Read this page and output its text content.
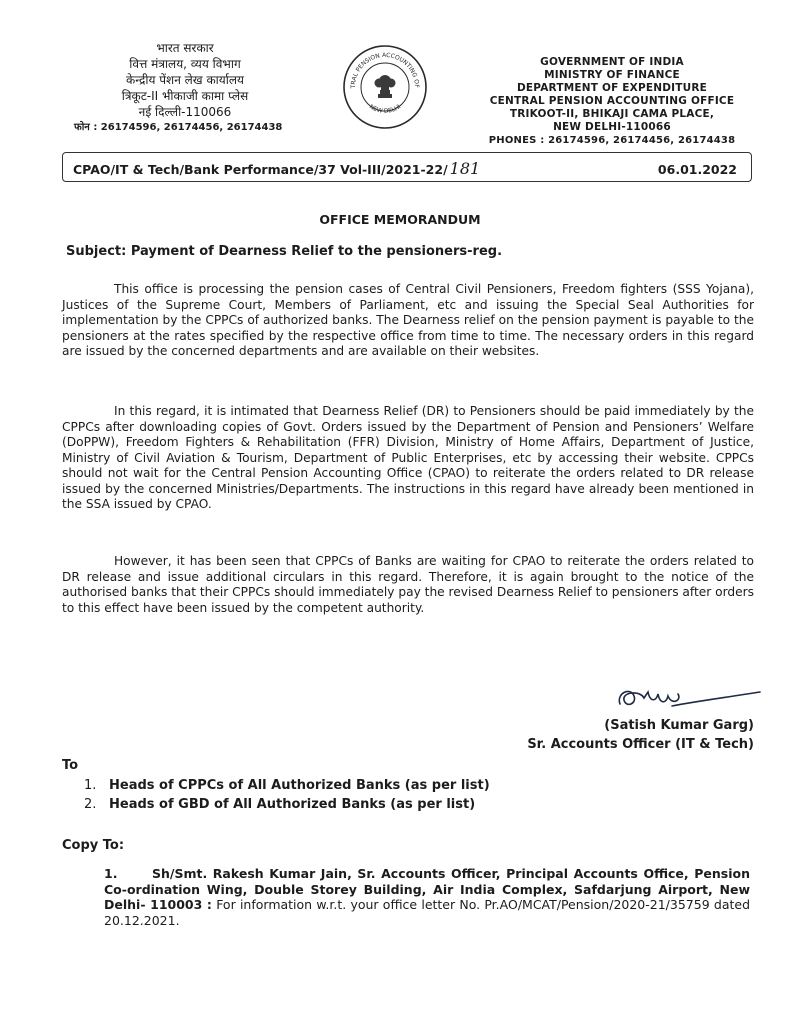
भारत सरकार
वित्त मंत्रालय, व्यय विभाग
केन्द्रीय पेंशन लेख कार्यालय
त्रिकूट-II भीकाजी कामा प्लेस
नई दिल्ली-110066
फोन : 26174596, 26174456, 26174438
TRAL PENSION ACCOUNTING OF
NEW DELHI
GOVERNMENT OF INDIA
MINISTRY OF FINANCE
DEPARTMENT OF EXPENDITURE
CENTRAL PENSION ACCOUNTING OFFICE
TRIKOOT-II, BHIKAJI CAMA PLACE,
NEW DELHI-110066
PHONES : 26174596, 26174456, 26174438
CPAO/IT & Tech/Bank Performance/37 Vol-III/2021-22/ 181	06.01.2022
OFFICE MEMORANDUM
Subject: Payment of Dearness Relief to the pensioners-reg.

This office is processing the pension cases of Central Civil Pensioners, Freedom fighters (SSS Yojana), Justices of the Supreme Court, Members of Parliament, etc and issuing the Special Seal Authorities for implementation by the CPPCs of authorized banks. The Dearness relief on the pension payment is payable to the pensioners at the rates specified by the respective office from time to time. The necessary orders in this regard are issued by the concerned departments and are available on their websites.

In this regard, it is intimated that Dearness Relief (DR) to Pensioners should be paid immediately by the CPPCs after downloading copies of Govt. Orders issued by the Department of Pension and Pensioners’ Welfare (DoPPW), Freedom Fighters & Rehabilitation (FFR) Division, Ministry of Home Affairs, Department of Justice, Ministry of Civil Aviation & Tourism, Department of Public Enterprises, etc by accessing their website. CPPCs should not wait for the Central Pension Accounting Office (CPAO) to reiterate the orders related to DR release issued by the concerned Ministries/Departments. The instructions in this regard have already been mentioned in the SSA issued by CPAO.

However, it has been seen that CPPCs of Banks are waiting for CPAO to reiterate the orders related to DR release and issue additional circulars in this regard. Therefore, it is again brought to the notice of the authorised banks that their CPPCs should immediately pay the revised Dearness Relief to pensioners after orders to this effect have been issued by the competent authority.

(Satish Kumar Garg)
Sr. Accounts Officer (IT & Tech)
To
1. Heads of CPPCs of All Authorized Banks (as per list)
2. Heads of GBD of All Authorized Banks (as per list)
Copy To:

1.	Sh/Smt. Rakesh Kumar Jain, Sr. Accounts Officer, Principal Accounts Office, Pension Co-ordination Wing, Double Storey Building, Air India Complex, Safdarjung Airport, New Delhi- 110003 : For information w.r.t. your office letter No. Pr.AO/MCAT/Pension/2020-21/35759 dated 20.12.2021.
